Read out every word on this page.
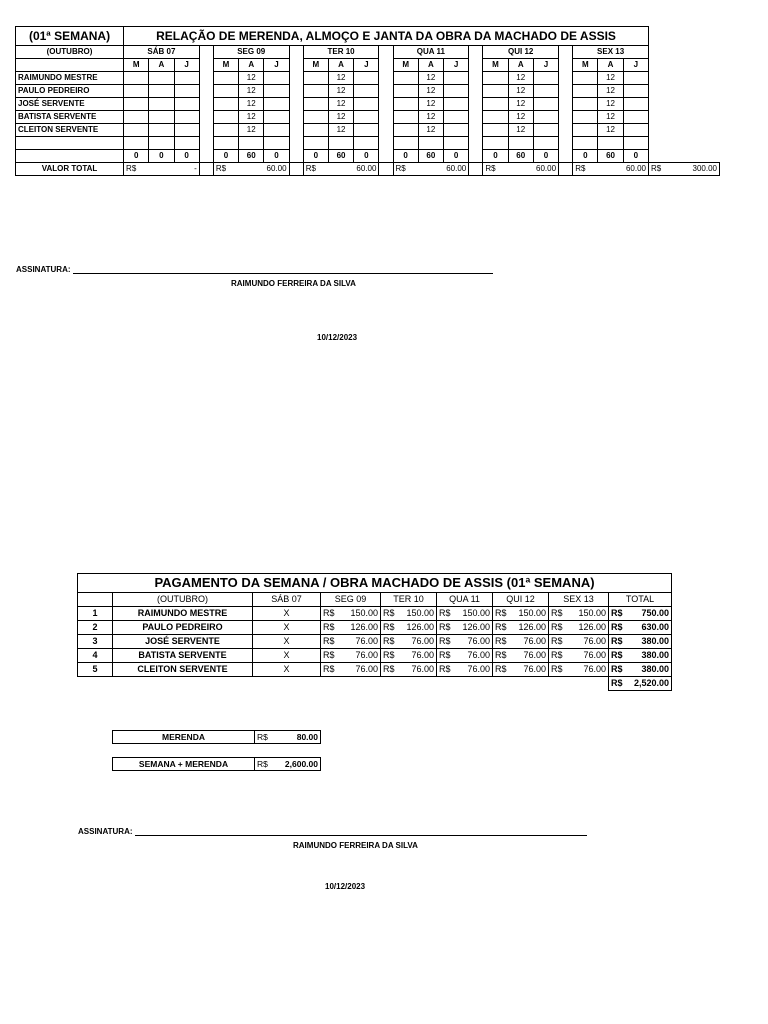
(01ª SEMANA)	RELAÇÃO DE MERENDA, ALMOÇO E JANTA DA OBRA DA MACHADO DE ASSIS																							
(OUTUBRO)	SÁB 07				SEG 09				TER 10				QUA 11				QUI 12				SEX 13			
	M	A	J		M	A	J		M	A	J		M	A	J		M	A	J		M	A	J	
RAIMUNDO MESTRE						12				12				12				12				12		
PAULO PEDREIRO						12				12				12				12				12		
JOSÉ SERVENTE						12				12				12				12				12		
BATISTA SERVENTE						12				12				12				12				12		
CLEITON SERVENTE						12				12				12				12				12		

	0	0	0		0	60	0		0	60	0		0	60	0		0	60	0		0	60	0	
VALOR TOTAL	R$ -				R$ 60.00				R$ 60.00				R$ 60.00				R$ 60.00				R$ 60.00			R$ 300.00
ASSINATURA:
RAIMUNDO FERREIRA DA SILVA
10/12/2023
PAGAMENTO DA SEMANA / OBRA MACHADO DE ASSIS (01ª SEMANA)								
	(OUTUBRO)	SÁB 07	SEG 09	TER 10	QUA 11	QUI 12	SEX 13	TOTAL
1	RAIMUNDO MESTRE	X	R$ 150.00	R$ 150.00	R$ 150.00	R$ 150.00	R$ 150.00	R$ 750.00

2	PAULO PEDREIRO	X	R$ 126.00	R$ 126.00	R$ 126.00	R$ 126.00	R$ 126.00	R$ 630.00

3	JOSÉ SERVENTE	X	R$ 76.00	R$ 76.00	R$ 76.00	R$ 76.00	R$ 76.00	R$ 380.00

4	BATISTA SERVENTE	X	R$ 76.00	R$ 76.00	R$ 76.00	R$ 76.00	R$ 76.00	R$ 380.00

5	CLEITON SERVENTE	X	R$ 76.00	R$ 76.00	R$ 76.00	R$ 76.00	R$ 76.00	R$ 380.00

								R$ 2,520.00
MERENDA	R$	80.00
SEMANA + MERENDA	R$ 2,600.00
ASSINATURA:
RAIMUNDO FERREIRA DA SILVA
10/12/2023
